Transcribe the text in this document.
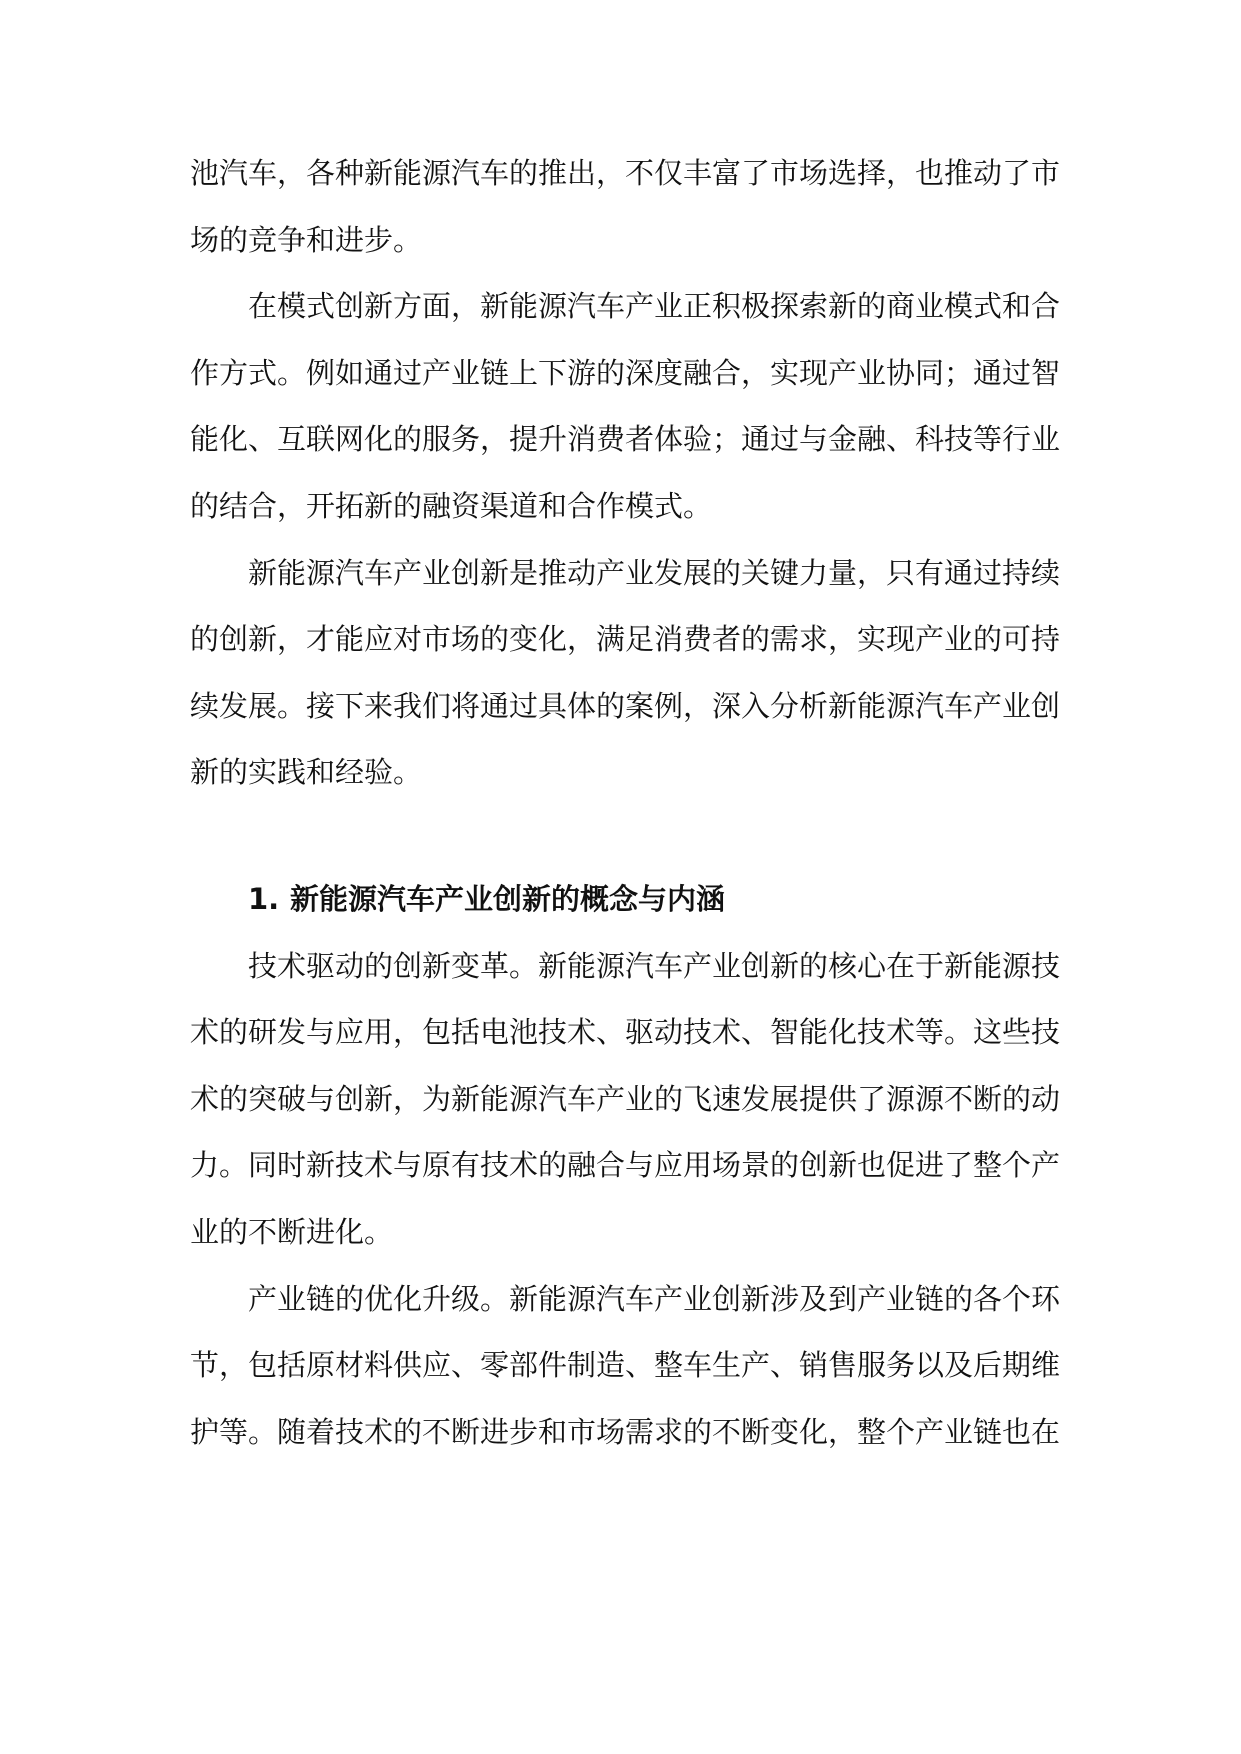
池汽车，各种新能源汽车的推出，不仅丰富了市场选择，也推动了市场的竞争和进步。

在模式创新方面，新能源汽车产业正积极探索新的商业模式和合作方式。例如通过产业链上下游的深度融合，实现产业协同；通过智能化、互联网化的服务，提升消费者体验；通过与金融、科技等行业的结合，开拓新的融资渠道和合作模式。

新能源汽车产业创新是推动产业发展的关键力量，只有通过持续的创新，才能应对市场的变化，满足消费者的需求，实现产业的可持续发展。接下来我们将通过具体的案例，深入分析新能源汽车产业创新的实践和经验。

1. 新能源汽车产业创新的概念与内涵

技术驱动的创新变革。新能源汽车产业创新的核心在于新能源技术的研发与应用，包括电池技术、驱动技术、智能化技术等。这些技术的突破与创新，为新能源汽车产业的飞速发展提供了源源不断的动力。同时新技术与原有技术的融合与应用场景的创新也促进了整个产业的不断进化。

产业链的优化升级。新能源汽车产业创新涉及到产业链的各个环节，包括原材料供应、零部件制造、整车生产、销售服务以及后期维护等。随着技术的不断进步和市场需求的不断变化，整个产业链也在
